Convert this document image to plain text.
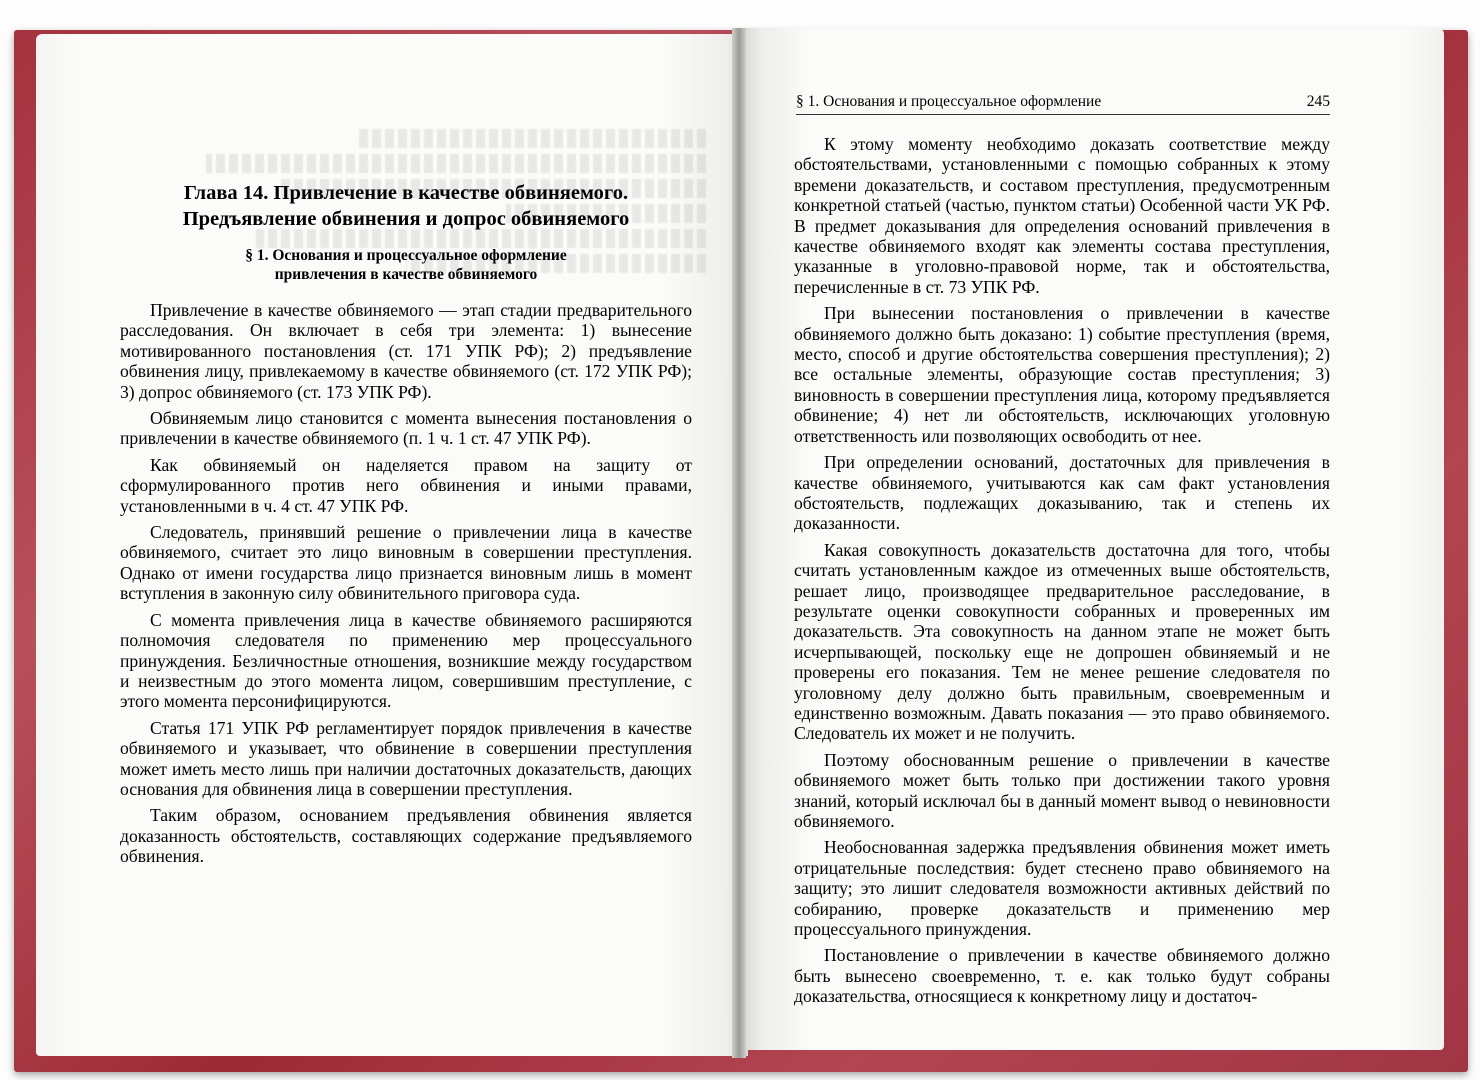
Глава 14. Привлечение в качестве обвиняемого.
Предъявление обвинения и допрос обвиняемого
§ 1. Основания и процессуальное оформление
привлечения в качестве обвиняемого

Привлечение в качестве обвиняемого — этап стадии предварительного расследования. Он включает в себя три элемента: 1) вынесение мотивированного постановления (ст. 171 УПК РФ); 2) предъявление обвинения лицу, привлекаемому в качестве обвиняемого (ст. 172 УПК РФ); 3) допрос обвиняемого (ст. 173 УПК РФ).

Обвиняемым лицо становится с момента вынесения постановления о привлечении в качестве обвиняемого (п. 1 ч. 1 ст. 47 УПК РФ).

Как обвиняемый он наделяется правом на защиту от сформулированного против него обвинения и иными правами, установленными в ч. 4 ст. 47 УПК РФ.

Следователь, принявший решение о привлечении лица в качестве обвиняемого, считает это лицо виновным в совершении преступления. Однако от имени государства лицо признается виновным лишь в момент вступления в законную силу обвинительного приговора суда.

С момента привлечения лица в качестве обвиняемого расширяются полномочия следователя по применению мер процессуального принуждения. Безличностные отношения, возникшие между государством и неизвестным до этого момента лицом, совершившим преступление, с этого момента персонифицируются.

Статья 171 УПК РФ регламентирует порядок привлечения в качестве обвиняемого и указывает, что обвинение в совершении преступления может иметь место лишь при наличии достаточных доказательств, дающих основания для обвинения лица в совершении преступления.

Таким образом, основанием предъявления обвинения является доказанность обстоятельств, составляющих содержание предъявляемого обвинения.

§ 1. Основания и процессуальное оформление	245

К этому моменту необходимо доказать соответствие между обстоятельствами, установленными с помощью собранных к этому времени доказательств, и составом преступления, предусмотренным конкретной статьей (частью, пунктом статьи) Особенной части УК РФ. В предмет доказывания для определения оснований привлечения в качестве обвиняемого входят как элементы состава преступления, указанные в уголовно-правовой норме, так и обстоятельства, перечисленные в ст. 73 УПК РФ.

При вынесении постановления о привлечении в качестве обвиняемого должно быть доказано: 1) событие преступления (время, место, способ и другие обстоятельства совершения преступления); 2) все остальные элементы, образующие состав преступления; 3) виновность в совершении преступления лица, которому предъявляется обвинение; 4) нет ли обстоятельств, исключающих уголовную ответственность или позволяющих освободить от нее.

При определении оснований, достаточных для привлечения в качестве обвиняемого, учитываются как сам факт установления обстоятельств, подлежащих доказыванию, так и степень их доказанности.

Какая совокупность доказательств достаточна для того, чтобы считать установленным каждое из отмеченных выше обстоятельств, решает лицо, производящее предварительное расследование, в результате оценки совокупности собранных и проверенных им доказательств. Эта совокупность на данном этапе не может быть исчерпывающей, поскольку еще не допрошен обвиняемый и не проверены его показания. Тем не менее решение следователя по уголовному делу должно быть правильным, своевременным и единственно возможным. Давать показания — это право обвиняемого. Следователь их может и не получить.

Поэтому обоснованным решение о привлечении в качестве обвиняемого может быть только при достижении такого уровня знаний, который исключал бы в данный момент вывод о невиновности обвиняемого.

Необоснованная задержка предъявления обвинения может иметь отрицательные последствия: будет стеснено право обвиняемого на защиту; это лишит следователя возможности активных действий по собиранию, проверке доказательств и применению мер процессуального принуждения.

Постановление о привлечении в качестве обвиняемого должно быть вынесено своевременно, т. е. как только будут собраны доказательства, относящиеся к конкретному лицу и достаточ-
